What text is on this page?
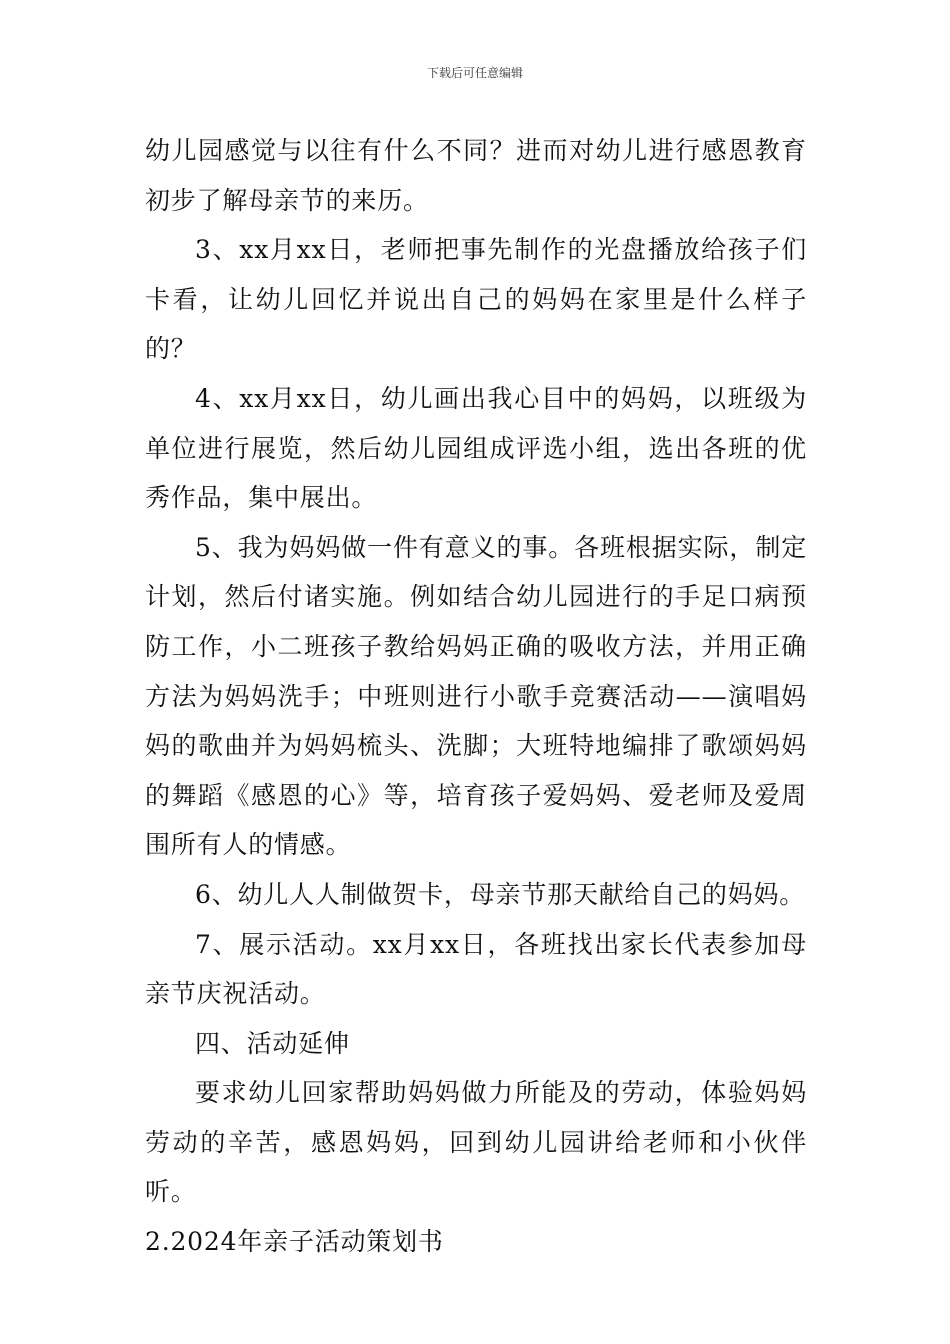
下载后可任意编辑

幼儿园感觉与以往有什么不同？进而对幼儿进行感恩教育初步了解母亲节的来历。

3、xx月xx日，老师把事先制作的光盘播放给孩子们卡看，让幼儿回忆并说出自己的妈妈在家里是什么样子的？

4、xx月xx日，幼儿画出我心目中的妈妈，以班级为单位进行展览，然后幼儿园组成评选小组，选出各班的优秀作品，集中展出。

5、我为妈妈做一件有意义的事。各班根据实际，制定计划，然后付诸实施。例如结合幼儿园进行的手足口病预防工作，小二班孩子教给妈妈正确的吸收方法，并用正确方法为妈妈洗手；中班则进行小歌手竞赛活动——演唱妈妈的歌曲并为妈妈梳头、洗脚；大班特地编排了歌颂妈妈的舞蹈《感恩的心》等，培育孩子爱妈妈、爱老师及爱周围所有人的情感。

6、幼儿人人制做贺卡，母亲节那天献给自己的妈妈。

7、展示活动。xx月xx日，各班找出家长代表参加母亲节庆祝活动。

四、活动延伸

要求幼儿回家帮助妈妈做力所能及的劳动，体验妈妈劳动的辛苦，感恩妈妈，回到幼儿园讲给老师和小伙伴听。

2.2024年亲子活动策划书
